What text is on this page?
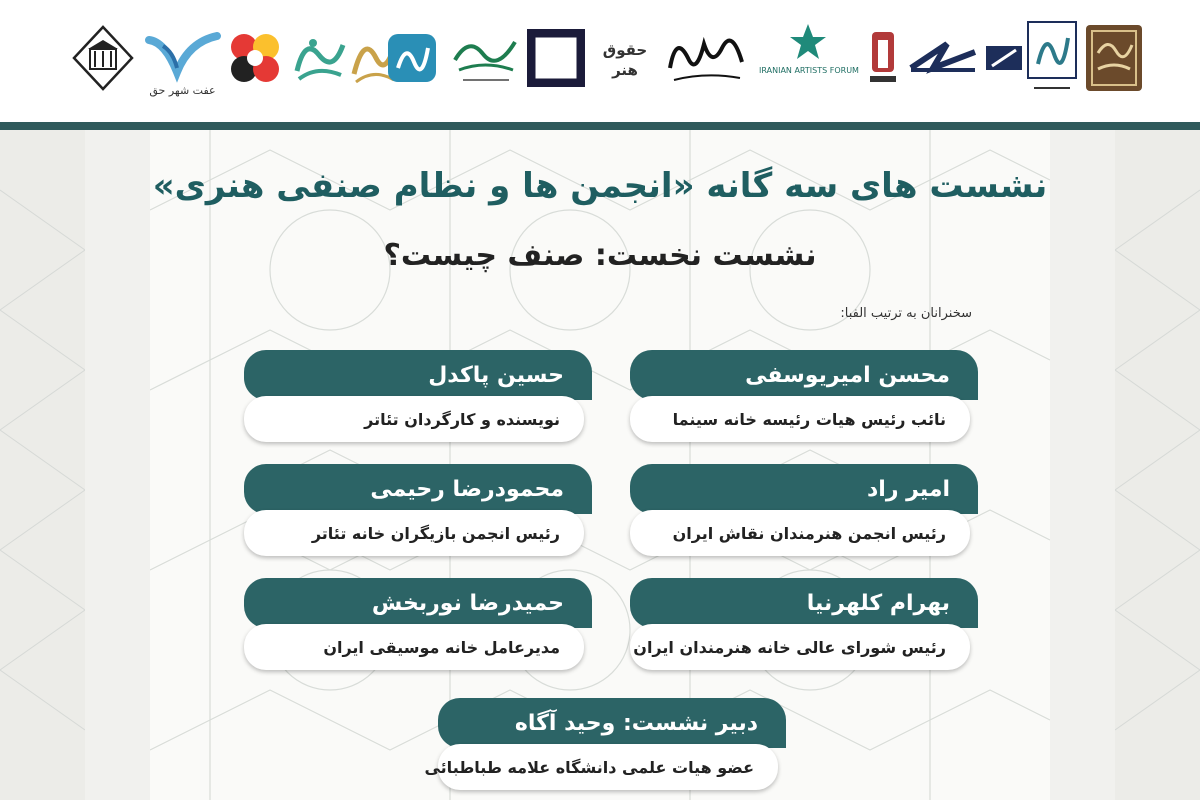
عفت شهر حق
حقوق هنر	IRANIAN ARTISTS FORUM
نشست های سه گانه «انجمن ها و نظام صنفی هنری»
نشست نخست: صنف چیست؟
سخنرانان به ترتیب الفبا:
محسن امیریوسفی
نائب رئیس هیات رئیسه خانه سینما
امیر راد
رئیس انجمن هنرمندان نقاش ایران
بهرام کلهرنیا
رئیس شورای عالی خانه هنرمندان ایران
حسین پاکدل
نویسنده و کارگردان تئاتر
محمودرضا رحیمی
رئیس انجمن بازیگران خانه تئاتر
حمیدرضا نوربخش
مدیرعامل خانه موسیقی ایران
دبیر نشست: وحید آگاه
عضو هیات علمی دانشگاه علامه طباطبائی
